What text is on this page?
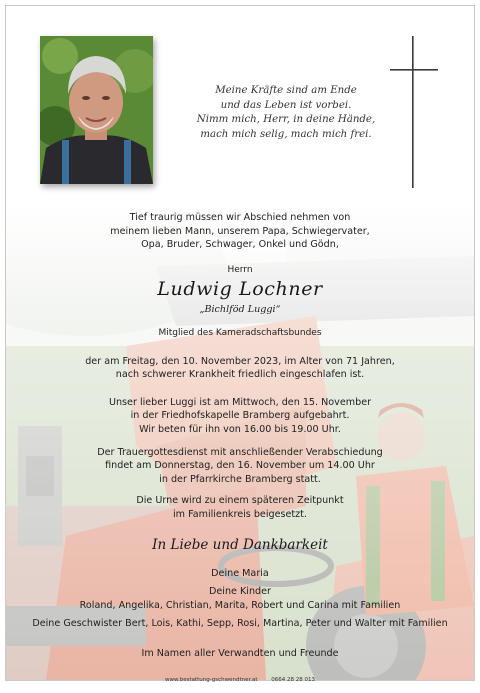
Meine Kräfte sind am Ende
und das Leben ist vorbei.
Nimm mich, Herr, in deine Hände,
mach mich selig, mach mich frei.

Tief traurig müssen wir Abschied nehmen von

meinem lieben Mann, unserem Papa, Schwiegervater,

Opa, Bruder, Schwager, Onkel und Gödn,

Herrn

Ludwig Lochner

„Bichlföd Luggi“

Mitglied des Kameradschaftsbundes

der am Freitag, den 10. November 2023, im Alter von 71 Jahren,

nach schwerer Krankheit friedlich eingeschlafen ist.

Unser lieber Luggi ist am Mittwoch, den 15. November

in der Friedhofskapelle Bramberg aufgebahrt.

Wir beten für ihn von 16.00 bis 19.00 Uhr.

Der Trauergottesdienst mit anschließender Verabschiedung

findet am Donnerstag, den 16. November um 14.00 Uhr

in der Pfarrkirche Bramberg statt.

Die Urne wird zu einem späteren Zeitpunkt

im Familienkreis beigesetzt.

In Liebe und Dankbarkeit

Deine Maria

Deine Kinder

Roland, Angelika, Christian, Marita, Robert und Carina mit Familien

Deine Geschwister Bert, Lois, Kathi, Sepp, Rosi, Martina, Peter und Walter mit Familien

Im Namen aller Verwandten und Freunde

www.bestattung-gschwendtner.at	0664 28 28 013
